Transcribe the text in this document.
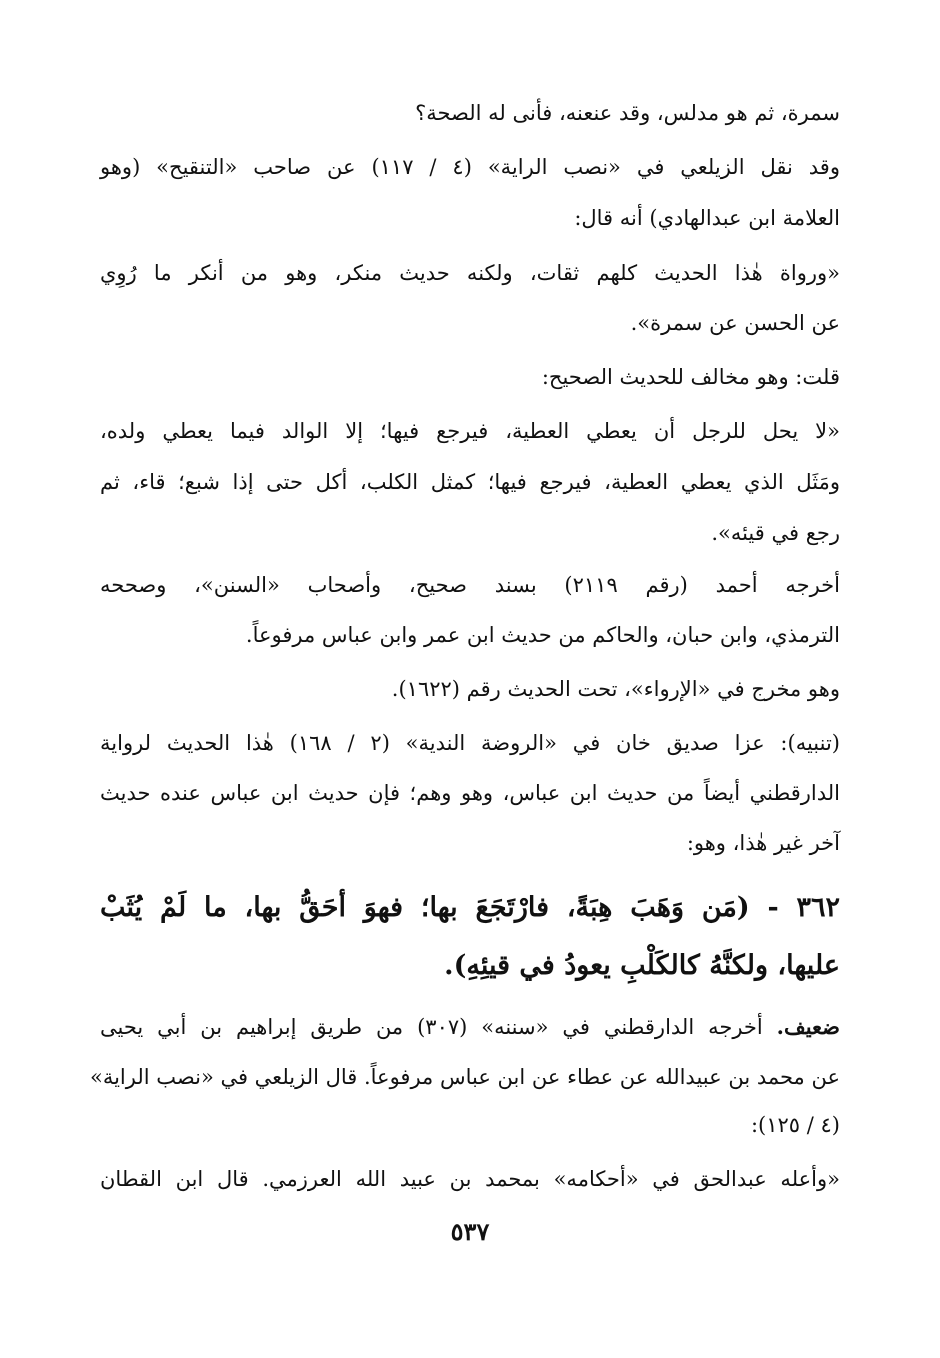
سمرة، ثم هو مدلس، وقد عنعنه، فأنى له الصحة؟
وقد نقل الزيلعي في «نصب الراية» (٤ / ١١٧) عن صاحب «التنقيح» (وهو
العلامة ابن عبدالهادي) أنه قال:
«ورواة هٰذا الحديث كلهم ثقات، ولكنه حديث منكر، وهو من أنكر ما رُوِي
عن الحسن عن سمرة».
قلت: وهو مخالف للحديث الصحيح:
«لا يحل للرجل أن يعطي العطية، فيرجع فيها؛ إلا الوالد فيما يعطي ولده،
ومَثَل الذي يعطي العطية، فيرجع فيها؛ كمثل الكلب، أكل حتى إذا شبع؛ قاء، ثم
رجع في قيئه».
أخرجه أحمد (رقم ٢١١٩) بسند صحيح، وأصحاب «السنن»، وصححه
الترمذي، وابن حبان، والحاكم من حديث ابن عمر وابن عباس مرفوعاً.
وهو مخرج في «الإرواء»، تحت الحديث رقم (١٦٢٢).
(تنبيه): عزا صديق خان في «الروضة الندية» (٢ / ١٦٨) هٰذا الحديث لرواية
الدارقطني أيضاً من حديث ابن عباس، وهو وهم؛ فإن حديث ابن عباس عنده حديث
آخر غير هٰذا، وهو:
٣٦٢ - (مَن وَهَبَ هِبَةً، فارْتَجَعَ بها؛ فهوَ أحَقُّ بها، ما لَمْ يُثَبْ
عليها، ولكنَّهُ كالكَلْبِ يعودُ في قيئِهِ).
ضعيف. أخرجه الدارقطني في «سننه» (٣٠٧) من طريق إبراهيم بن أبي يحيى
عن محمد بن عبيدالله عن عطاء عن ابن عباس مرفوعاً. قال الزيلعي في «نصب الراية»
(٤ / ١٢٥):
«وأعله عبدالحق في «أحكامه» بمحمد بن عبيد الله العرزمي. قال ابن القطان
٥٣٧
